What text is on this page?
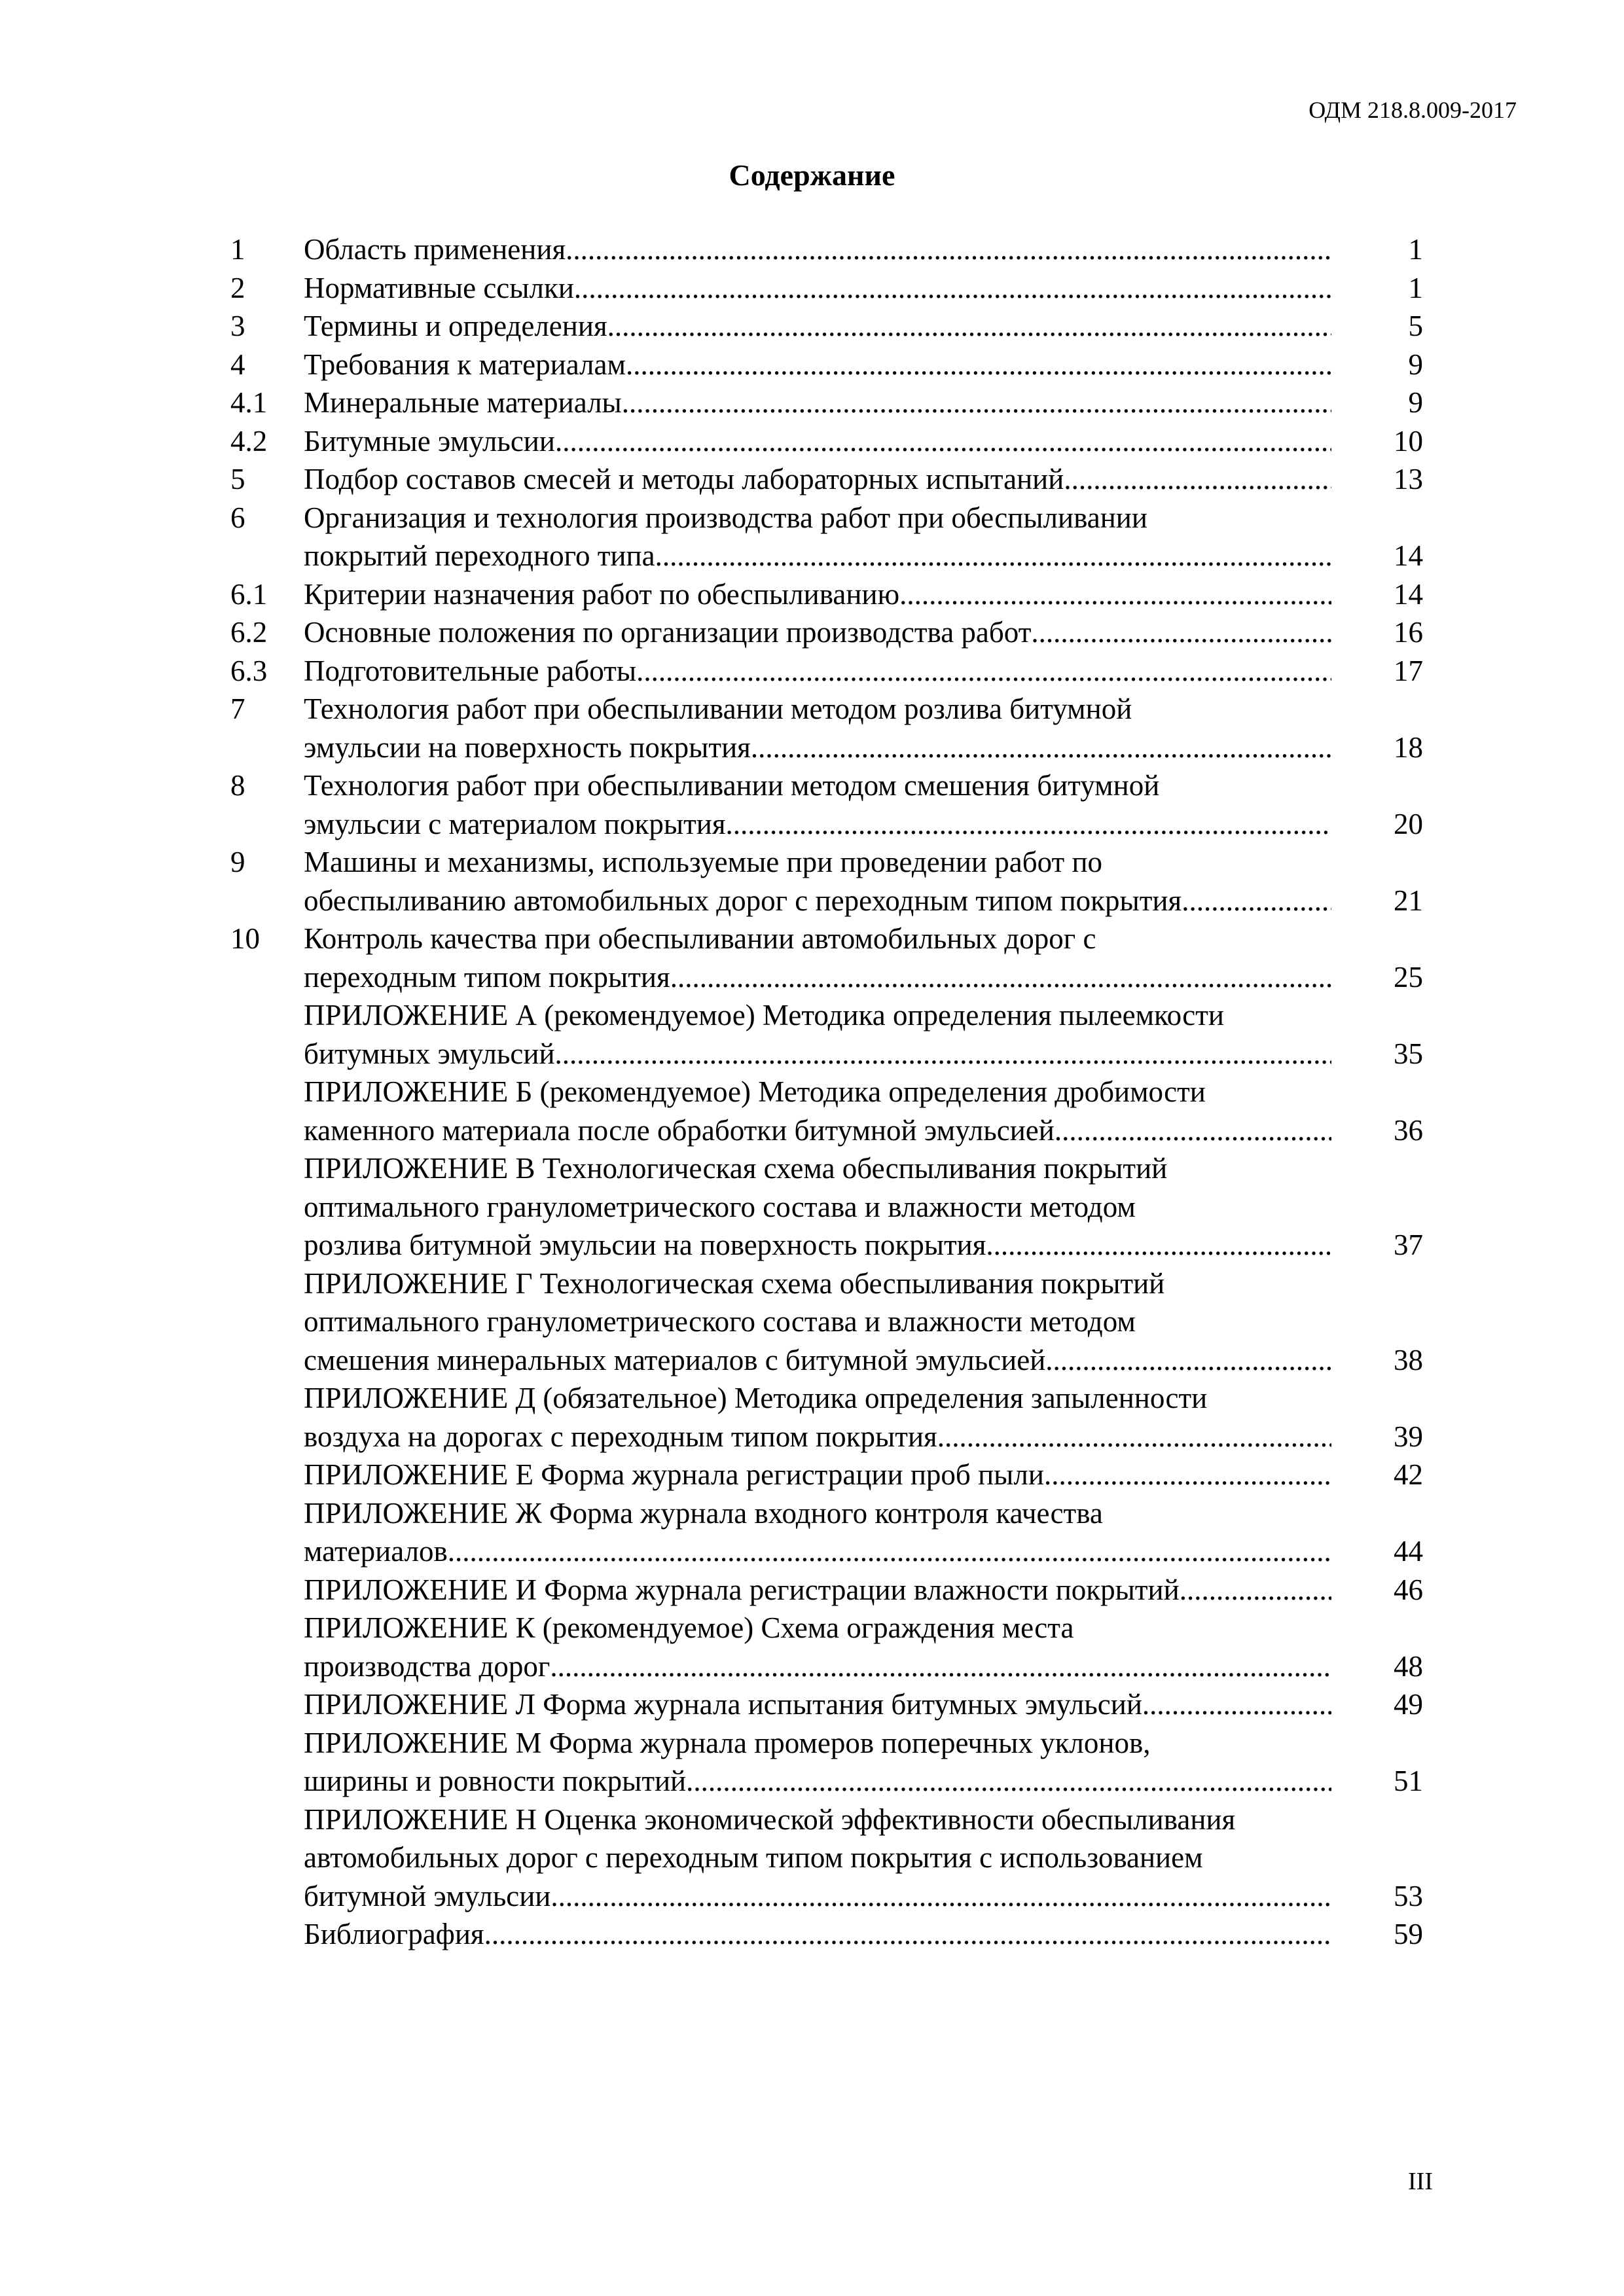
ОДМ 218.8.009-2017
Содержание
1	Область применения .....	1
2	Нормативные ссылки .....	1
3	Термины и определения .....	5
4	Требования к материалам .....	9
4.1	Минеральные материалы .....	9
4.2	Битумные эмульсии .....	10
5	Подбор составов смесей и методы лабораторных испытаний .....	13
6	Организация и технология производства работ при обеспыливании
покрытий переходного типа .....	14
6.1	Критерии назначения работ по обеспыливанию .....	14
6.2	Основные положения по организации производства работ .....	16
6.3	Подготовительные работы .....	17
7	Технология работ при обеспыливании методом розлива битумной
эмульсии на поверхность покрытия .....	18
8	Технология работ при обеспыливании методом смешения битумной
эмульсии с материалом покрытия .....	20
9	Машины и механизмы, используемые при проведении работ по
обеспыливанию автомобильных дорог с переходным типом покрытия .....	21
10	Контроль качества при обеспыливании автомобильных дорог с
переходным типом покрытия .....	25
ПРИЛОЖЕНИЕ А (рекомендуемое) Методика определения пылеемкости
битумных эмульсий .....	35
ПРИЛОЖЕНИЕ Б (рекомендуемое) Методика определения дробимости
каменного материала после обработки битумной эмульсией .....	36
ПРИЛОЖЕНИЕ В Технологическая схема обеспыливания покрытий
оптимального гранулометрического состава и влажности методом
розлива битумной эмульсии на поверхность покрытия .....	37
ПРИЛОЖЕНИЕ Г Технологическая схема обеспыливания покрытий
оптимального гранулометрического состава и влажности методом
смешения минеральных материалов с битумной эмульсией .....	38
ПРИЛОЖЕНИЕ Д (обязательное) Методика определения запыленности
воздуха на дорогах с переходным типом покрытия .....	39
ПРИЛОЖЕНИЕ Е Форма журнала регистрации проб пыли .....	42
ПРИЛОЖЕНИЕ Ж Форма журнала входного контроля качества
материалов .....	44
ПРИЛОЖЕНИЕ И Форма журнала регистрации влажности покрытий .....	46
ПРИЛОЖЕНИЕ К (рекомендуемое) Схема ограждения места
производства дорог .....	48
ПРИЛОЖЕНИЕ Л Форма журнала испытания битумных эмульсий .....	49
ПРИЛОЖЕНИЕ М Форма журнала промеров поперечных уклонов,
ширины и ровности покрытий .....	51
ПРИЛОЖЕНИЕ Н Оценка экономической эффективности обеспыливания
автомобильных дорог с переходным типом покрытия с использованием
битумной эмульсии .....	53
Библиография .....	59
III
